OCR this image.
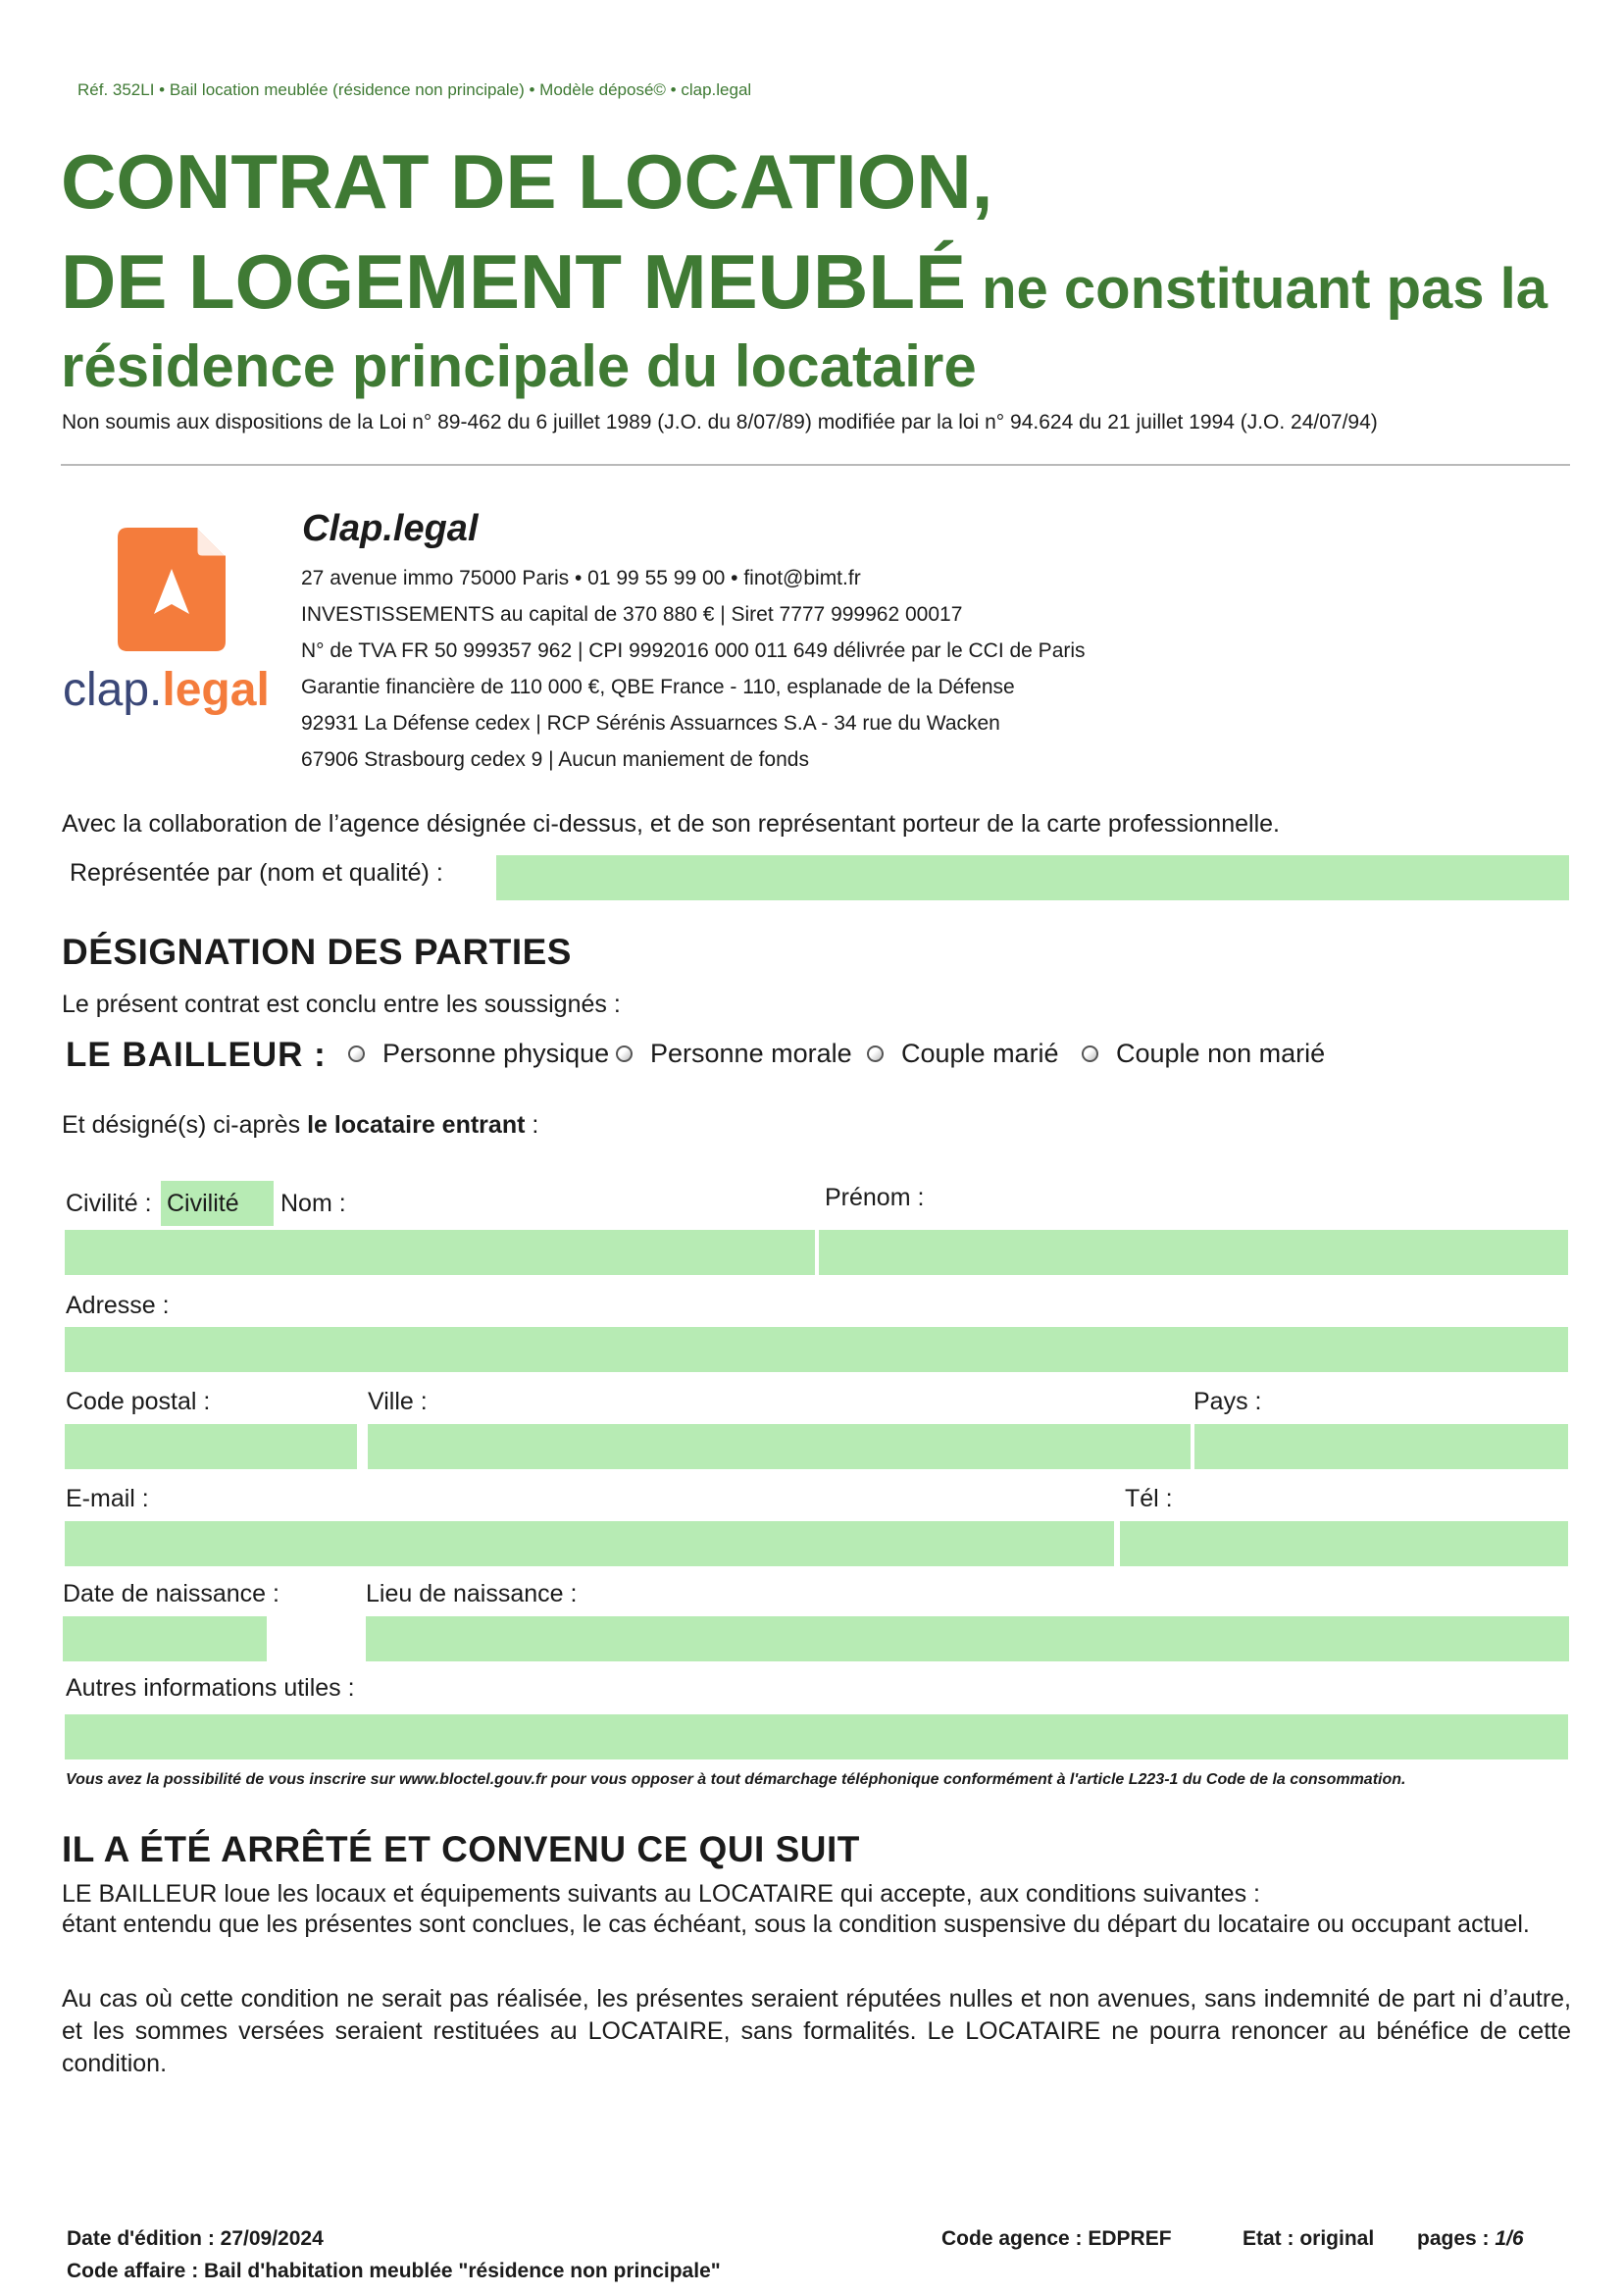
Réf. 352LI • Bail location meublée (résidence non principale) • Modèle déposé© • clap.legal
CONTRAT DE LOCATION,
DE LOGEMENT MEUBLÉ ne constituant pas la
résidence principale du locataire
Non soumis aux dispositions de la Loi n° 89-462 du 6 juillet 1989 (J.O. du 8/07/89) modifiée par la loi n° 94.624 du 21 juillet 1994 (J.O. 24/07/94)
clap.legal
Clap.legal
27 avenue immo 75000 Paris • 01 99 55 99 00 • finot@bimt.fr
INVESTISSEMENTS au capital de 370 880 € | Siret 7777 999962 00017
N° de TVA FR 50 999357 962 | CPI 9992016 000 011 649 délivrée par le CCI de Paris
Garantie financière de 110 000 €, QBE France - 110, esplanade de la Défense
92931 La Défense cedex | RCP Sérénis Assuarnces S.A - 34 rue du Wacken
67906 Strasbourg cedex 9 | Aucun maniement de fonds
Avec la collaboration de l’agence désignée ci-dessus, et de son représentant porteur de la carte professionnelle.
Représentée par (nom et qualité) :
DÉSIGNATION DES PARTIES
Le présent contrat est conclu entre les soussignés :
LE BAILLEUR : Personne physique Personne morale Couple marié Couple non marié
Et désigné(s) ci-après le locataire entrant :
Civilité : Civilité	Nom :	Prénom :
Adresse :
Code postal :	Ville :	Pays :
E-mail :	Tél :
Date de naissance :	Lieu de naissance :
Autres informations utiles :
Vous avez la possibilité de vous inscrire sur www.bloctel.gouv.fr pour vous opposer à tout démarchage téléphonique conformément à l'article L223-1 du Code de la consommation.
IL A ÉTÉ ARRÊTÉ ET CONVENU CE QUI SUIT
LE BAILLEUR loue les locaux et équipements suivants au LOCATAIRE qui accepte, aux conditions suivantes :
étant entendu que les présentes sont conclues, le cas échéant, sous la condition suspensive du départ du locataire ou occupant actuel.
Au cas où cette condition ne serait pas réalisée, les présentes seraient réputées nulles et non avenues, sans indemnité de part ni d’autre, et les sommes versées seraient restituées au LOCATAIRE, sans formalités. Le LOCATAIRE ne pourra renoncer au bénéfice de cette condition.
Date d'édition : 27/09/2024
Code affaire : Bail d'habitation meublée "résidence non principale"
Code agence : EDPREF	Etat : original pages : 1/6
